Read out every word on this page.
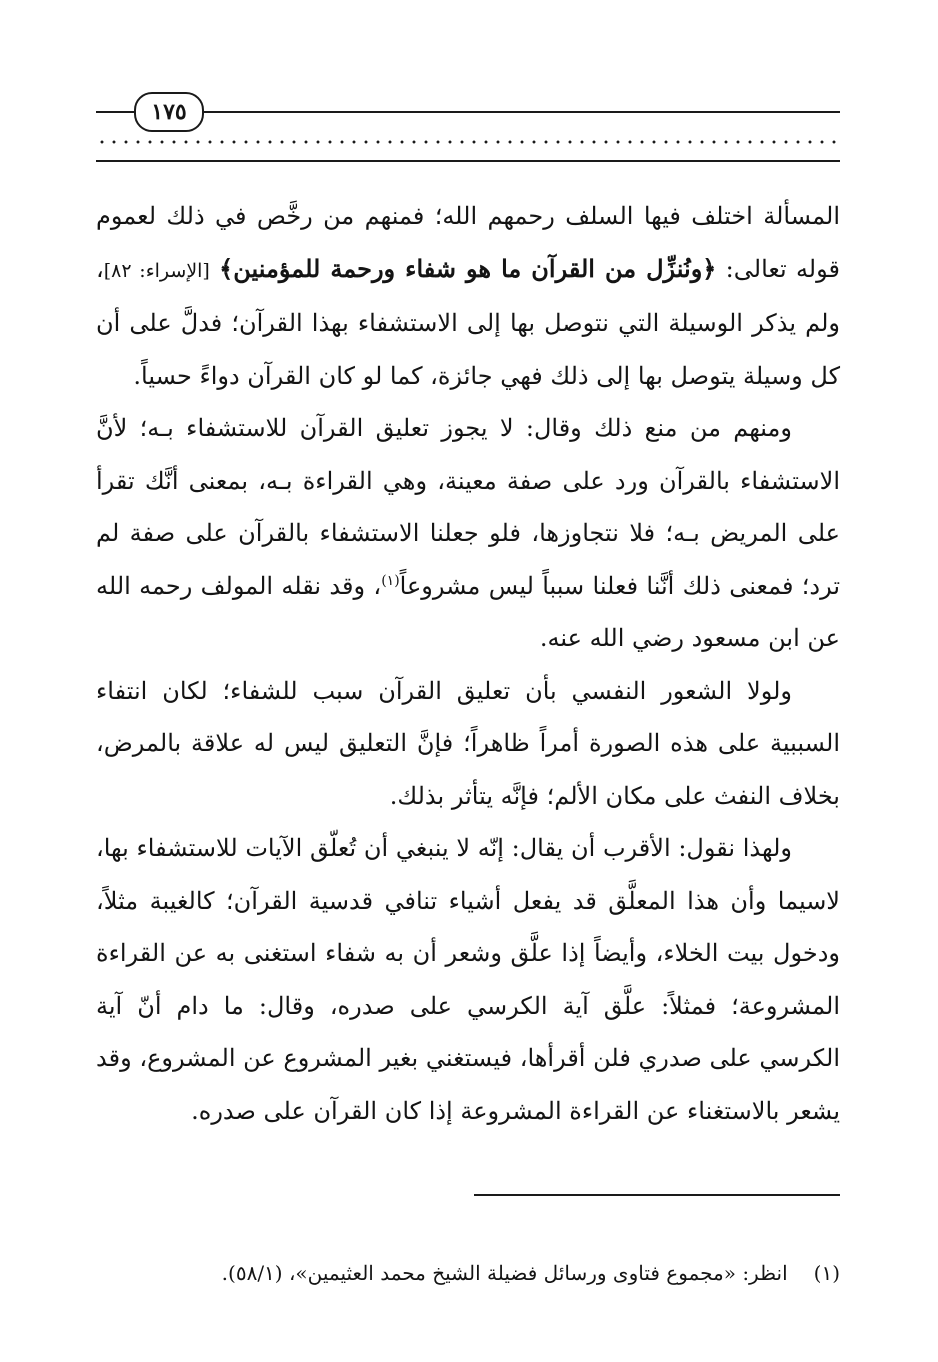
١٧٥

المسألة اختلف فيها السلف رحمهم الله؛ فمنهم من رخَّص في ذلك لعموم قوله تعالى: ﴿ونُنزِّل من القرآن ما هو شفاء ورحمة للمؤمنين﴾ [الإسراء: ٨٢]، ولم يذكر الوسيلة التي نتوصل بها إلى الاستشفاء بهذا القرآن؛ فدلَّ على أن كل وسيلة يتوصل بها إلى ذلك فهي جائزة، كما لو كان القرآن دواءً حسياً.

ومنهم من منع ذلك وقال: لا يجوز تعليق القرآن للاستشفاء بـه؛ لأنَّ الاستشفاء بالقرآن ورد على صفة معينة، وهي القراءة بـه، بمعنى أنَّك تقرأ على المريض بـه؛ فلا نتجاوزها، فلو جعلنا الاستشفاء بالقرآن على صفة لم ترد؛ فمعنى ذلك أنَّنا فعلنا سبباً ليس مشروعاً$^{(١)}$، وقد نقله المولف رحمه الله عن ابن مسعود رضي الله عنه.

ولولا الشعور النفسي بأن تعليق القرآن سبب للشفاء؛ لكان انتفاء السببية على هذه الصورة أمراً ظاهراً؛ فإنَّ التعليق ليس له علاقة بالمرض، بخلاف النفث على مكان الألم؛ فإنَّه يتأثر بذلك.

ولهذا نقول: الأقرب أن يقال: إنّه لا ينبغي أن تُعلّق الآيات للاستشفاء بها، لاسيما وأن هذا المعلَّق قد يفعل أشياء تنافي قدسية القرآن؛ كالغيبة مثلاً، ودخول بيت الخلاء، وأيضاً إذا علَّق وشعر أن به شفاء استغنى به عن القراءة المشروعة؛ فمثلاً: علَّق آية الكرسي على صدره، وقال: ما دام أنّ آية الكرسي على صدري فلن أقرأها، فيستغني بغير المشروع عن المشروع، وقد يشعر بالاستغناء عن القراءة المشروعة إذا كان القرآن على صدره.

(١)انظر: «مجموع فتاوى ورسائل فضيلة الشيخ محمد العثيمين»، (٥٨/١).
